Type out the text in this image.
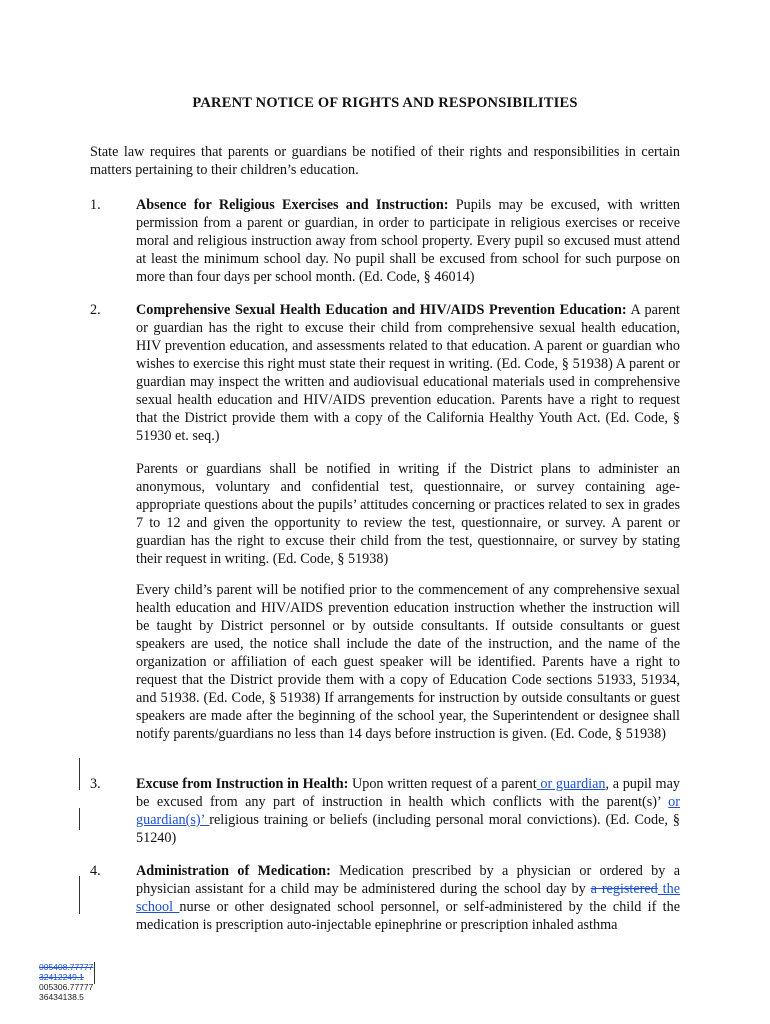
PARENT NOTICE OF RIGHTS AND RESPONSIBILITIES
State law requires that parents or guardians be notified of their rights and responsibilities in certain matters pertaining to their children’s education.
1. Absence for Religious Exercises and Instruction: Pupils may be excused, with written permission from a parent or guardian, in order to participate in religious exercises or receive moral and religious instruction away from school property. Every pupil so excused must attend at least the minimum school day. No pupil shall be excused from school for such purpose on more than four days per school month. (Ed. Code, § 46014)
2. Comprehensive Sexual Health Education and HIV/AIDS Prevention Education: A parent or guardian has the right to excuse their child from comprehensive sexual health education, HIV prevention education, and assessments related to that education. A parent or guardian who wishes to exercise this right must state their request in writing. (Ed. Code, § 51938) A parent or guardian may inspect the written and audiovisual educational materials used in comprehensive sexual health education and HIV/AIDS prevention education. Parents have a right to request that the District provide them with a copy of the California Healthy Youth Act. (Ed. Code, § 51930 et. seq.)
Parents or guardians shall be notified in writing if the District plans to administer an anonymous, voluntary and confidential test, questionnaire, or survey containing age-appropriate questions about the pupils’ attitudes concerning or practices related to sex in grades 7 to 12 and given the opportunity to review the test, questionnaire, or survey. A parent or guardian has the right to excuse their child from the test, questionnaire, or survey by stating their request in writing. (Ed. Code, § 51938)
Every child’s parent will be notified prior to the commencement of any comprehensive sexual health education and HIV/AIDS prevention education instruction whether the instruction will be taught by District personnel or by outside consultants. If outside consultants or guest speakers are used, the notice shall include the date of the instruction, and the name of the organization or affiliation of each guest speaker will be identified. Parents have a right to request that the District provide them with a copy of Education Code sections 51933, 51934, and 51938. (Ed. Code, § 51938) If arrangements for instruction by outside consultants or guest speakers are made after the beginning of the school year, the Superintendent or designee shall notify parents/guardians no less than 14 days before instruction is given. (Ed. Code, § 51938)
3. Excuse from Instruction in Health: Upon written request of a parent or guardian, a pupil may be excused from any part of instruction in health which conflicts with the parent(s)’ or guardian(s)’ religious training or beliefs (including personal moral convictions). (Ed. Code, § 51240)
4. Administration of Medication: Medication prescribed by a physician or ordered by a physician assistant for a child may be administered during the school day by a registered the school nurse or other designated school personnel, or self-administered by the child if the medication is prescription auto-injectable epinephrine or prescription inhaled asthma
005408.77777
32412249.1
005306.77777
36434138.5
